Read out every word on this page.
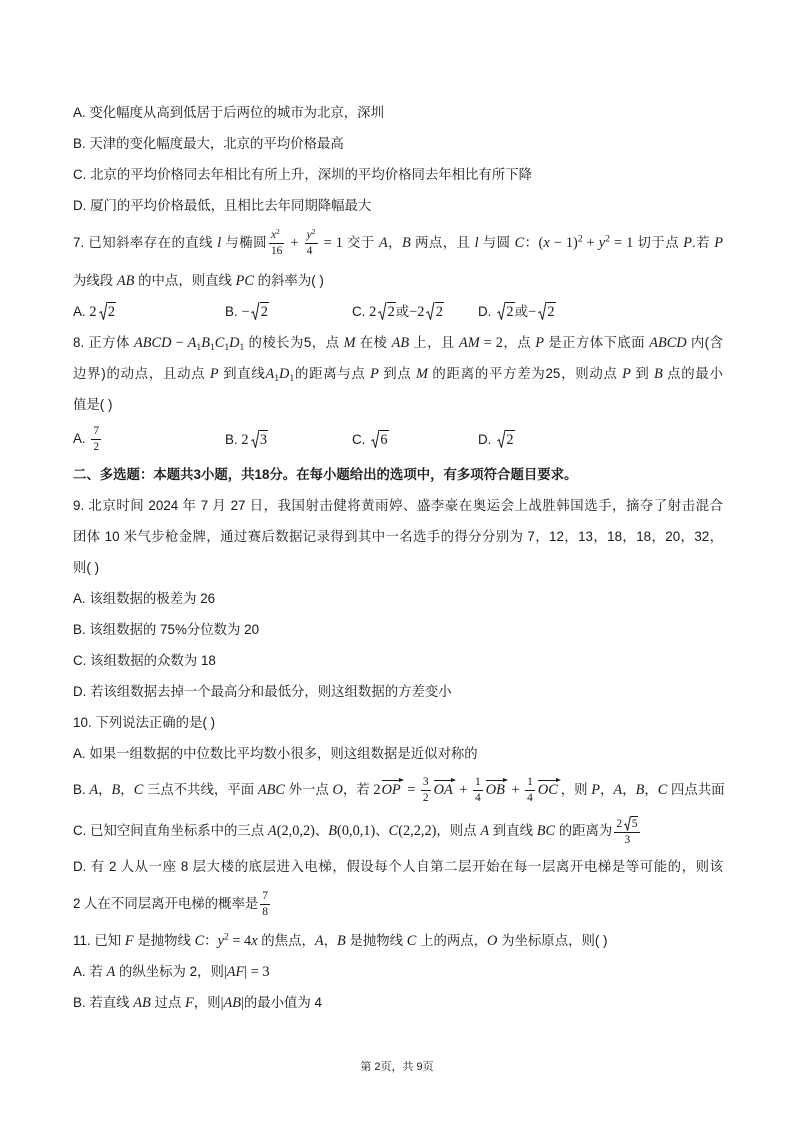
A. 变化幅度从高到低居于后两位的城市为北京，深圳
B. 天津的变化幅度最大，北京的平均价格最高
C. 北京的平均价格同去年相比有所上升，深圳的平均价格同去年相比有所下降
D. 厦门的平均价格最低，且相比去年同期降幅最大
7. 已知斜率存在的直线 l 与椭圆 $\frac{x^2}{16} + \frac{y^2}{4} = 1$ 交于 A，B 两点，且 l 与圆 C：$(x - 1)^2 + y^2 = 1$ 切于点 P.若 P
为线段 AB 的中点，则直线 PC 的斜率为( )
A. 2 2	B. − 2	C. 2 2或−2 2	D.
2或− 2
8. 正方体 ABCD − $A_1B_1C_1D_1$ 的棱长为5，点 M 在棱 AB 上，且 AM = 2，点 P 是正方体下底面 ABCD 内(含
边界)的动点，且动点 P 到直线$A_1D_1$的距离与点 P 到点 M 的距离的平方差为25，则动点 P 到 B 点的最小
值是( )
A. $\frac{7}{2}$	B. 2 3	C.
6	D.
2
二、多选题：本题共3小题，共18分。在每小题给出的选项中，有多项符合题目要求。
9. 北京时间 2024 年 7 月 27 日，我国射击健将黄雨婷、盛李豪在奥运会上战胜韩国选手，摘夺了射击混合
团体 10 米气步枪金牌，通过赛后数据记录得到其中一名选手的得分分别为 7，12，13，18，18，20，32，
则( )
A. 该组数据的极差为 26
B. 该组数据的 75%分位数为 20
C. 该组数据的众数为 18
D. 若该组数据去掉一个最高分和最低分，则这组数据的方差变小
10. 下列说法正确的是( )
A. 如果一组数据的中位数比平均数小很多，则这组数据是近似对称的
B. A，B，C 三点不共线，平面 ABC 外一点 O，若 $2OP = \frac{3}{2}$ OA + $\frac{1}{4}$ OB + $\frac{1}{4}$ OC ，则 P，A，B，C 四点共面
C. 已知空间直角坐标系中的三点 A(2,0,2)、B(0,0,1)、C(2,2,2)，则点 A 到直线 BC 的距离为 $\frac{2 5}{3}$
D. 有 2 人从一座 8 层大楼的底层进入电梯，假设每个人自第二层开始在每一层离开电梯是等可能的，则该
2 人在不同层离开电梯的概率是 $\frac{7}{8}$
11. 已知 F 是抛物线 C：$y^2 = 4x$ 的焦点，A，B 是抛物线 C 上的两点，O 为坐标原点，则( )
A. 若 A 的纵坐标为 2，则|AF| = 3
B. 若直线 AB 过点 F，则|AB|的最小值为 4
第 2页，共 9页
